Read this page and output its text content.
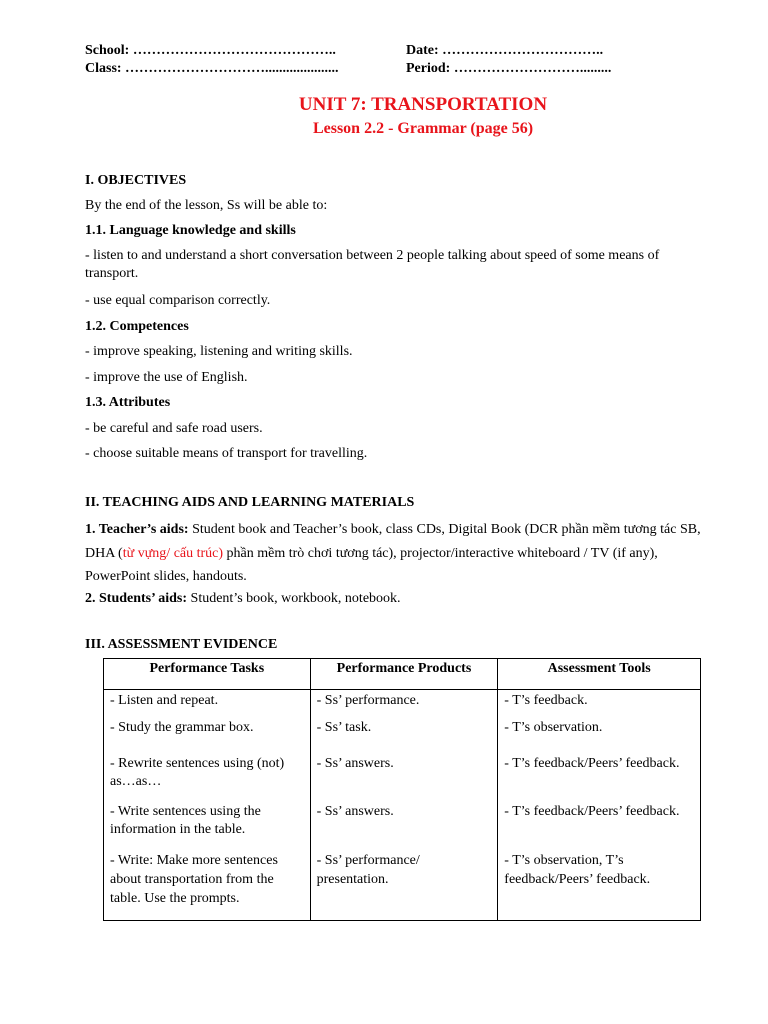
School: ……………………………………..
Class: ………………………….....................
Date: ……………………………..
Period: ……………………….........
UNIT 7: TRANSPORTATION
Lesson 2.2 - Grammar (page 56)
I. OBJECTIVES
By the end of the lesson, Ss will be able to:
1.1. Language knowledge and skills
- listen to and understand a short conversation between 2 people talking about speed of some means of transport.
- use equal comparison correctly.
1.2. Competences
- improve speaking, listening and writing skills.
- improve the use of English.
1.3. Attributes
- be careful and safe road users.
- choose suitable means of transport for travelling.
II. TEACHING AIDS AND LEARNING MATERIALS
1. Teacher’s aids: Student book and Teacher’s book, class CDs, Digital Book (DCR phần mềm tương tác SB, DHA (từ vựng/ cấu trúc) phần mềm trò chơi tương tác), projector/interactive whiteboard / TV (if any), PowerPoint slides, handouts.
2. Students’ aids: Student’s book, workbook, notebook.
III. ASSESSMENT EVIDENCE
Performance Tasks	Performance Products	Assessment Tools

- Listen and repeat.	- Ss’ performance.	- T’s feedback.

- Study the grammar box.	- Ss’ task.	- T’s observation.

- Rewrite sentences using (not) as…as…	- Ss’ answers.	- T’s feedback/Peers’ feedback.

- Write sentences using the information in the table.	- Ss’ answers.	- T’s feedback/Peers’ feedback.

- Write: Make more sentences about transportation from the table. Use the prompts.	- Ss’ performance/ presentation.	- T’s observation, T’s feedback/Peers’ feedback.
